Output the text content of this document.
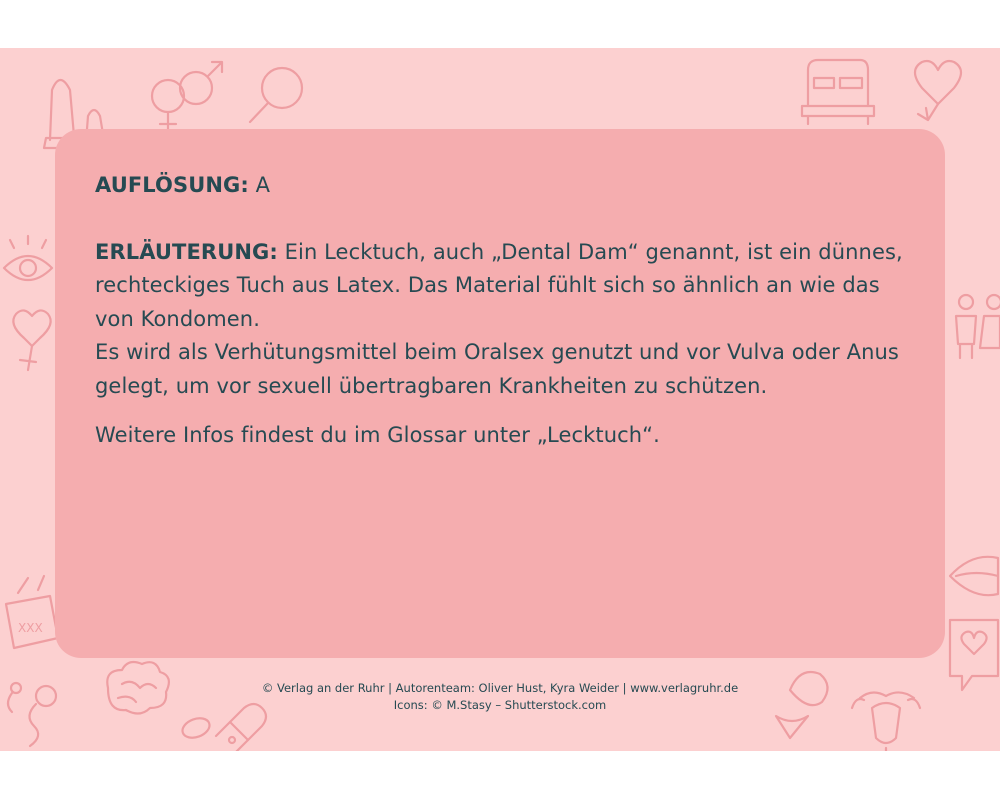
XXX

AUFLÖSUNG: A

ERLÄUTERUNG: Ein Lecktuch, auch „Dental Dam“ genannt, ist ein dünnes, rechteckiges Tuch aus Latex. Das Material fühlt sich so ähnlich an wie das von Kondomen.

Es wird als Verhütungsmittel beim Oralsex genutzt und vor Vulva oder Anus gelegt, um vor sexuell übertragbaren Krankheiten zu schützen.

Weitere Infos findest du im Glossar unter „Lecktuch“.

© Verlag an der Ruhr | Autorenteam: Oliver Hust, Kyra Weider | www.verlagruhr.de
Icons: © M.Stasy – Shutterstock.com
